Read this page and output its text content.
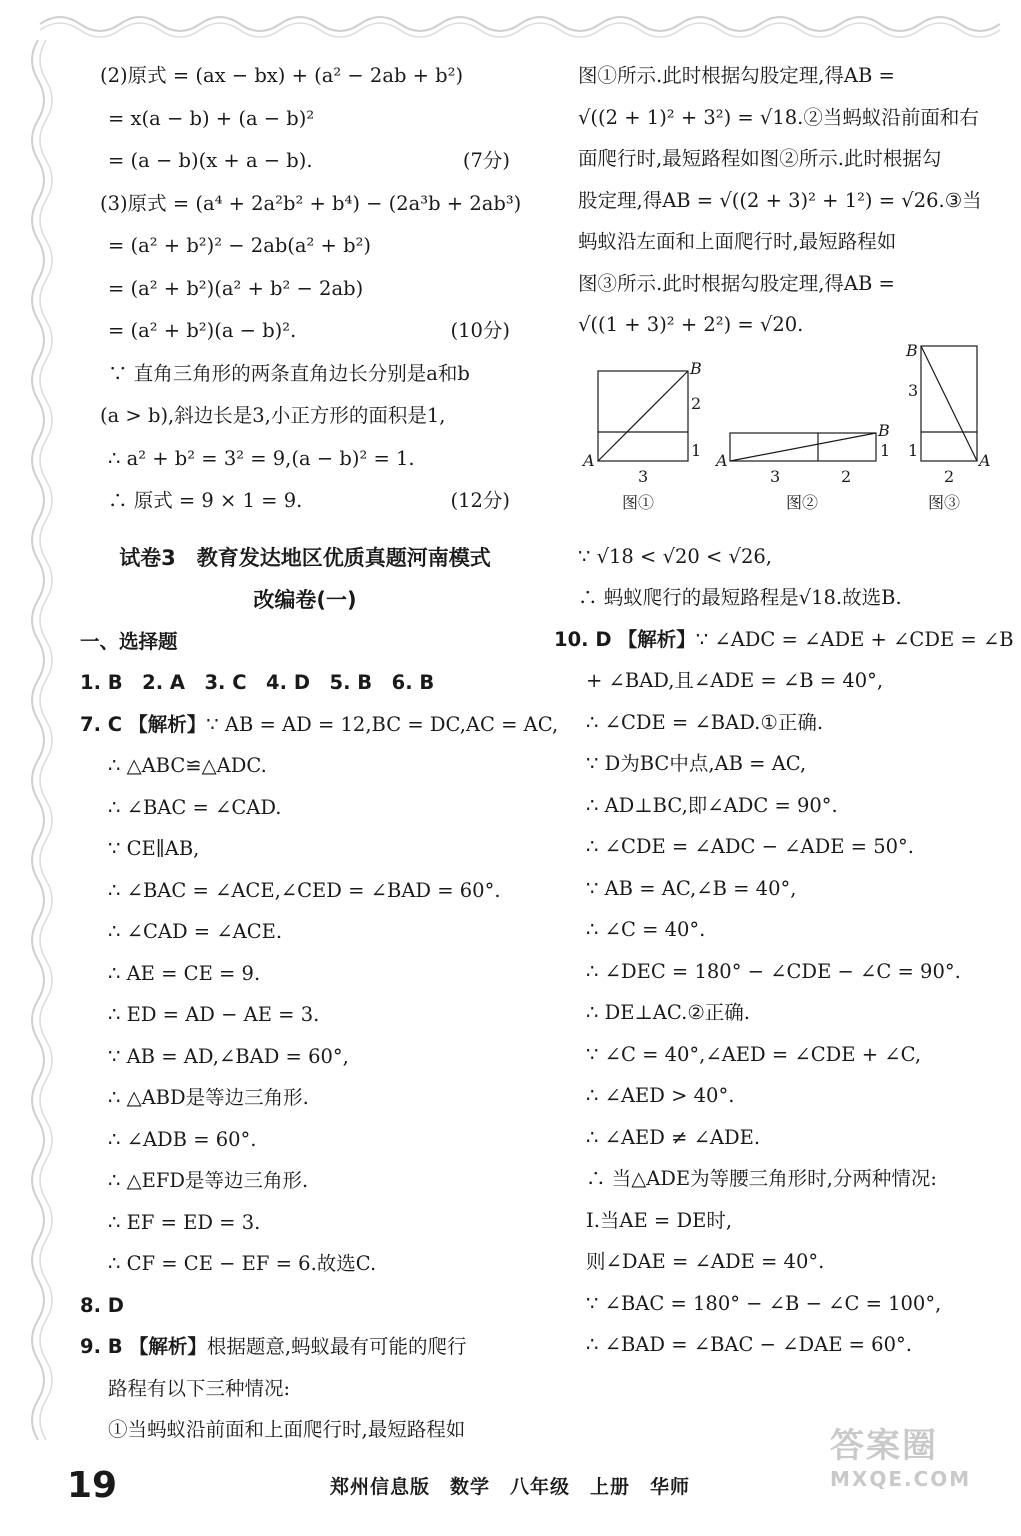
(2)原式 = (ax − bx) + (a² − 2ab + b²)
= x(a − b) + (a − b)²
= (a − b)(x + a − b).	(7分)
(3)原式 = (a⁴ + 2a²b² + b⁴) − (2a³b + 2ab³)
= (a² + b²)² − 2ab(a² + b²)
= (a² + b²)(a² + b² − 2ab)
= (a² + b²)(a − b)².	(10分)
∵ 直角三角形的两条直角边长分别是a和b
(a > b),斜边长是3,小正方形的面积是1,
∴ a² + b² = 3² = 9,(a − b)² = 1.
∴ 原式 = 9 × 1 = 9.	(12分)
试卷3　教育发达地区优质真题河南模式
改编卷(一)
一、选择题
1. B　2. A　3. C　4. D　5. B　6. B
7. C 【解析】∵ AB = AD = 12,BC = DC,AC = AC,
∴ △ABC≌△ADC.
∴ ∠BAC = ∠CAD.
∵ CE∥AB,
∴ ∠BAC = ∠ACE,∠CED = ∠BAD = 60°.
∴ ∠CAD = ∠ACE.
∴ AE = CE = 9.
∴ ED = AD − AE = 3.
∵ AB = AD,∠BAD = 60°,
∴ △ABD是等边三角形.
∴ ∠ADB = 60°.
∴ △EFD是等边三角形.
∴ EF = ED = 3.
∴ CF = CE − EF = 6.故选C.
8. D
9. B 【解析】根据题意,蚂蚁最有可能的爬行
路程有以下三种情况:
①当蚂蚁沿前面和上面爬行时,最短路程如
图①所示.此时根据勾股定理,得AB =
√((2 + 1)² + 3²) = √18.②当蚂蚁沿前面和右
面爬行时,最短路程如图②所示.此时根据勾
股定理,得AB = √((2 + 3)² + 1²) = √26.③当
蚂蚁沿左面和上面爬行时,最短路程如
图③所示.此时根据勾股定理,得AB =
√((1 + 3)² + 2²) = √20.
A
B
2
1
3
图①
A
B
3	2
1
图②
B
A
3
1
2
图③
∵ √18 < √20 < √26,
∴ 蚂蚁爬行的最短路程是√18.故选B.
10. D 【解析】∵ ∠ADC = ∠ADE + ∠CDE = ∠B
+ ∠BAD,且∠ADE = ∠B = 40°,
∴ ∠CDE = ∠BAD.①正确.
∵ D为BC中点,AB = AC,
∴ AD⊥BC,即∠ADC = 90°.
∴ ∠CDE = ∠ADC − ∠ADE = 50°.
∵ AB = AC,∠B = 40°,
∴ ∠C = 40°.
∴ ∠DEC = 180° − ∠CDE − ∠C = 90°.
∴ DE⊥AC.②正确.
∵ ∠C = 40°,∠AED = ∠CDE + ∠C,
∴ ∠AED > 40°.
∴ ∠AED ≠ ∠ADE.
∴ 当△ADE为等腰三角形时,分两种情况:
Ⅰ.当AE = DE时,
则∠DAE = ∠ADE = 40°.
∵ ∠BAC = 180° − ∠B − ∠C = 100°,
∴ ∠BAD = ∠BAC − ∠DAE = 60°.
19	郑州信息版　数学　八年级　上册　华师
答案圈
MXQE.COM
